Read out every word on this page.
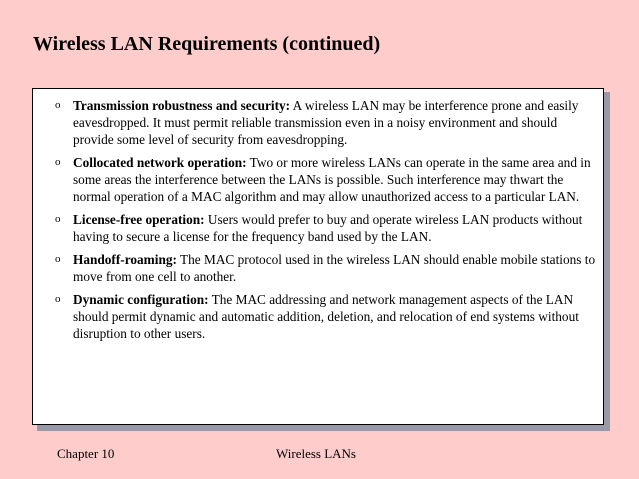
Wireless LAN Requirements (continued)
o Transmission robustness and security: A wireless LAN may be interference prone and easily eavesdropped. It must permit reliable transmission even in a noisy environment and should provide some level of security from eavesdropping.
o Collocated network operation: Two or more wireless LANs can operate in the same area and in some areas the interference between the LANs is possible. Such interference may thwart the normal operation of a MAC algorithm and may allow unauthorized access to a particular LAN.
o License-free operation: Users would prefer to buy and operate wireless LAN products without having to secure a license for the frequency band used by the LAN.
o Handoff-roaming: The MAC protocol used in the wireless LAN should enable mobile stations to move from one cell to another.
o Dynamic configuration: The MAC addressing and network management aspects of the LAN should permit dynamic and automatic addition, deletion, and relocation of end systems without disruption to other users.
Chapter 10	Wireless LANs
